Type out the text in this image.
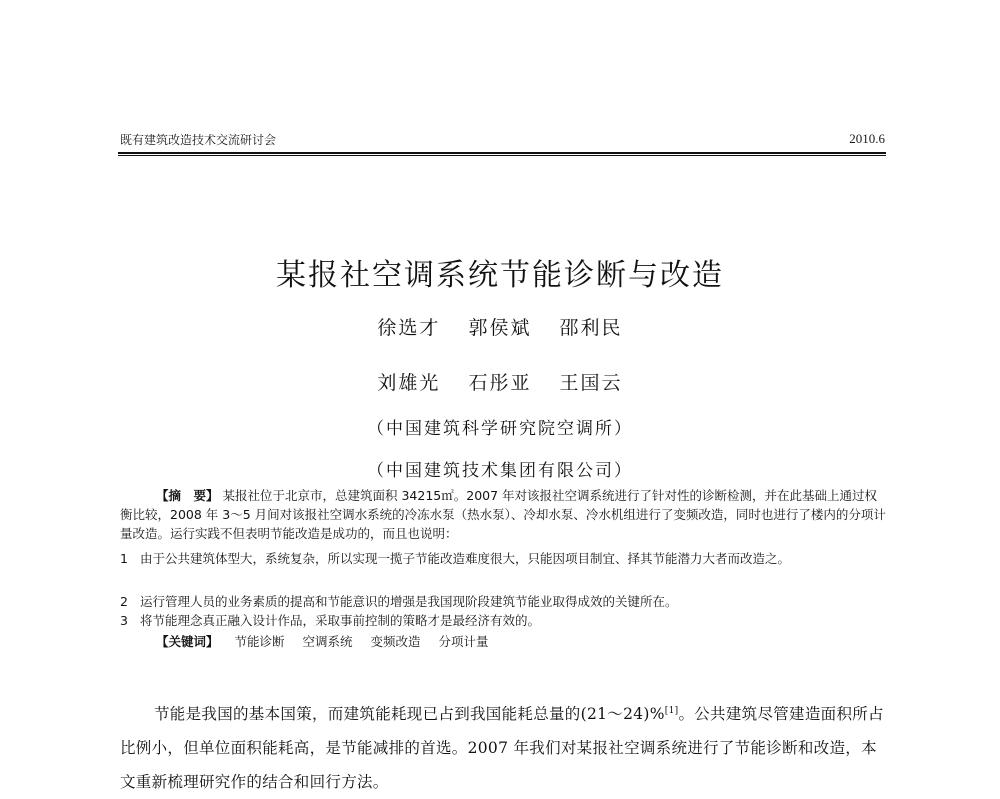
既有建筑改造技术交流研讨会	2010.6
某报社空调系统节能诊断与改造
徐选才 郭侯斌 邵利民
刘雄光 石彤亚 王国云
（中国建筑科学研究院空调所）
（中国建筑技术集团有限公司）
【摘　要】 某报社位于北京市，总建筑面积 34215㎡。2007 年对该报社空调系统进行了针对性的诊断检测，并在此基础上通过权衡比较，2008 年 3～5 月间对该报社空调水系统的冷冻水泵（热水泵）、冷却水泵、冷水机组进行了变频改造，同时也进行了楼内的分项计量改造。运行实践不但表明节能改造是成功的，而且也说明：
1 由于公共建筑体型大，系统复杂，所以实现一揽子节能改造难度很大，只能因项目制宜、择其节能潜力大者而改造之。
2 运行管理人员的业务素质的提高和节能意识的增强是我国现阶段建筑节能业取得成效的关键所在。
3 将节能理念真正融入设计作品，采取事前控制的策略才是最经济有效的。
【关键词】 节能诊断 空调系统 变频改造 分项计量
节能是我国的基本国策，而建筑能耗现已占到我国能耗总量的(21～24)%[1]。公共建筑尽管建造面积所占比例小，但单位面积能耗高，是节能减排的首选。2007 年我们对某报社空调系统进行了节能诊断和改造，本文重新梳理研究作的结合和回行方法。
